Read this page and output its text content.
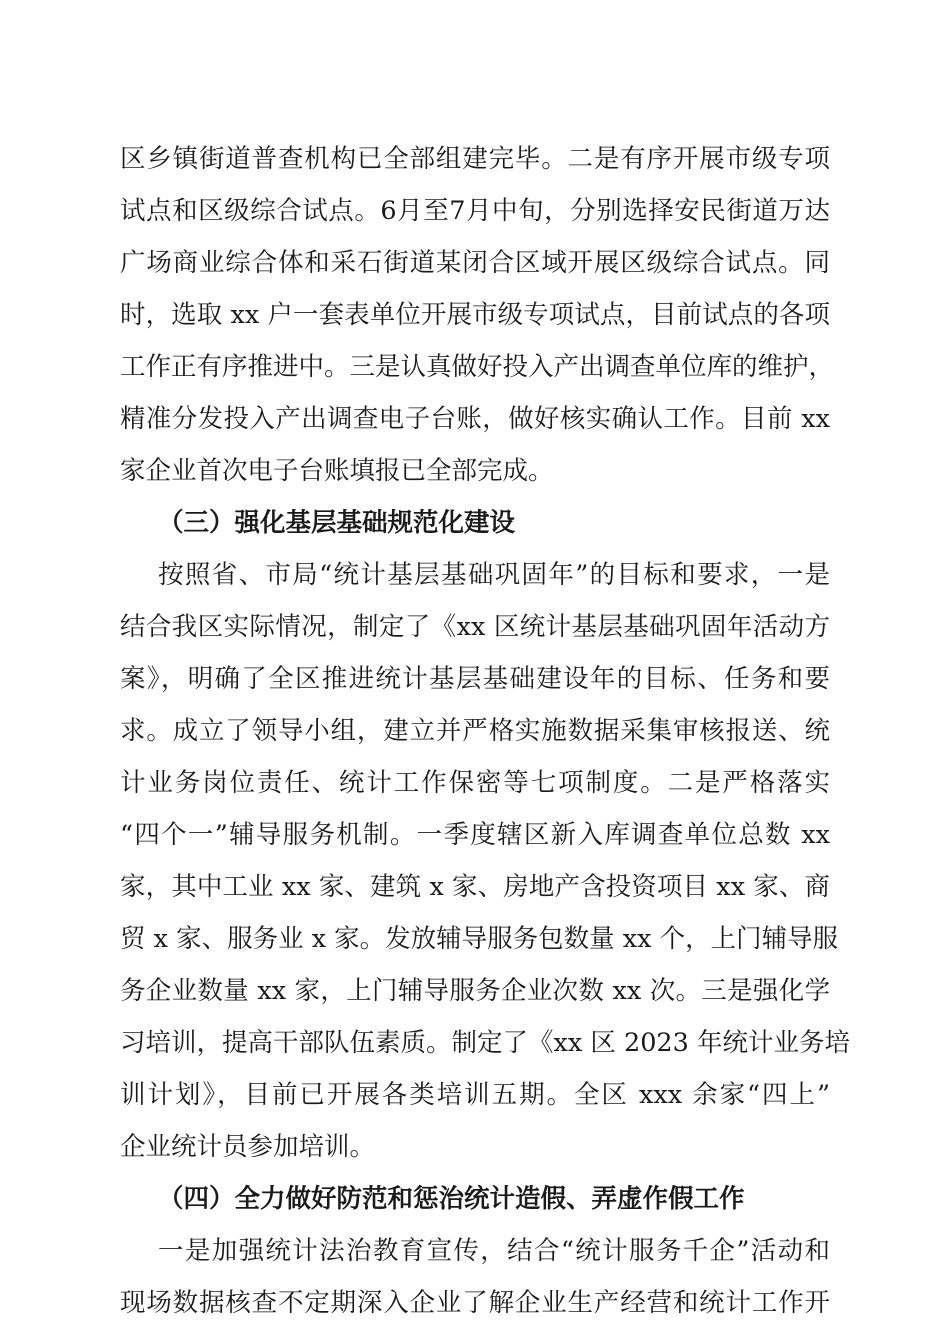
区乡镇街道普查机构已全部组建完毕。二是有序开展市级专项
试点和区级综合试点。6月至7月中旬，分别选择安民街道万达
广场商业综合体和采石街道某闭合区域开展区级综合试点。同
时，选取 xx 户一套表单位开展市级专项试点，目前试点的各项
工作正有序推进中。三是认真做好投入产出调查单位库的维护，
精准分发投入产出调查电子台账，做好核实确认工作。目前 xx
家企业首次电子台账填报已全部完成。
（三）强化基层基础规范化建设
按照省、市局“统计基层基础巩固年”的目标和要求，一是
结合我区实际情况，制定了《xx 区统计基层基础巩固年活动方
案》，明确了全区推进统计基层基础建设年的目标、任务和要
求。成立了领导小组，建立并严格实施数据采集审核报送、统
计业务岗位责任、统计工作保密等七项制度。二是严格落实
“四个一”辅导服务机制。一季度辖区新入库调查单位总数 xx
家，其中工业 xx 家、建筑 x 家、房地产含投资项目 xx 家、商
贸 x 家、服务业 x 家。发放辅导服务包数量 xx 个，上门辅导服
务企业数量 xx 家，上门辅导服务企业次数 xx 次。三是强化学
习培训，提高干部队伍素质。制定了《xx 区 2023 年统计业务培
训计划》，目前已开展各类培训五期。全区 xxx 余家“四上”
企业统计员参加培训。
（四）全力做好防范和惩治统计造假、弄虚作假工作
一是加强统计法治教育宣传，结合“统计服务千企”活动和
现场数据核查不定期深入企业了解企业生产经营和统计工作开
